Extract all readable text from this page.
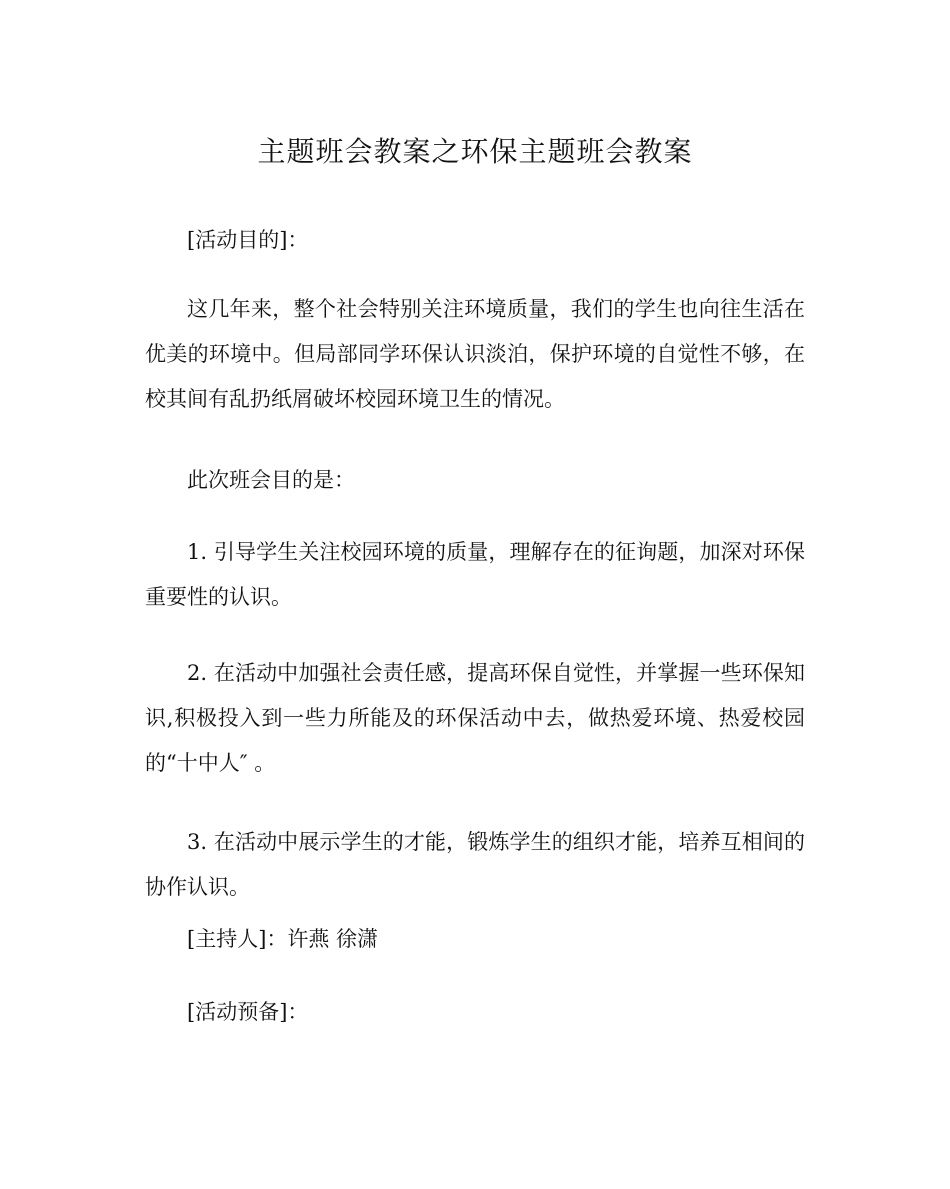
主题班会教案之环保主题班会教案

[活动目的]：

这几年来，整个社会特别关注环境质量，我们的学生也向往生活在优美的环境中。但局部同学环保认识淡泊，保护环境的自觉性不够，在校其间有乱扔纸屑破坏校园环境卫生的情况。

此次班会目的是：

1. 引导学生关注校园环境的质量，理解存在的征询题，加深对环保重要性的认识。

2. 在活动中加强社会责任感，提高环保自觉性，并掌握一些环保知识,积极投入到一些力所能及的环保活动中去，做热爱环境、热爱校园的“十中人″ 。

3. 在活动中展示学生的才能，锻炼学生的组织才能，培养互相间的协作认识。

[主持人]：许燕 徐潇

[活动预备]：
